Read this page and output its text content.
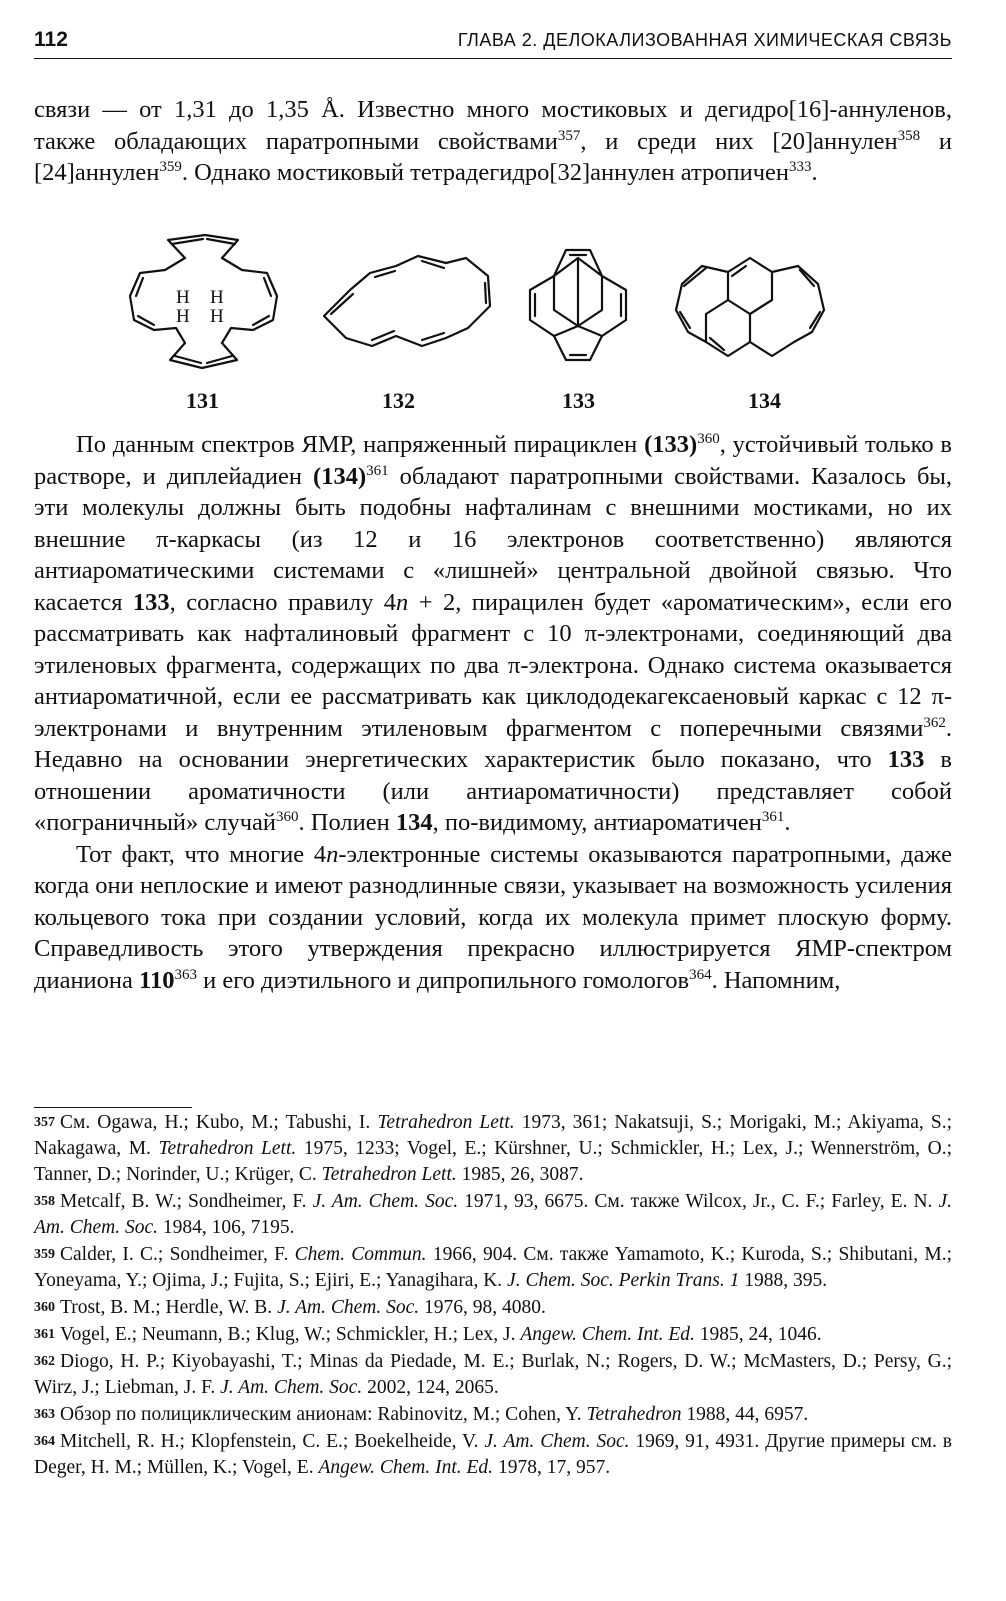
112	ГЛАВА 2. ДЕЛОКАЛИЗОВАННАЯ ХИМИЧЕСКАЯ СВЯЗЬ

связи — от 1,31 до 1,35 Å. Известно много мостиковых и дегидро[16]-аннуленов, также обладающих паратропными свойствами$^{357}$, и среди них [20]аннулен$^{358}$ и [24]аннулен$^{359}$. Однако мостиковый тетрадегидро[32]аннулен атропичен$^{333}$.

H H
H H
131	132	133	134

По данным спектров ЯМР, напряженный пирациклен $(133)^{360}$, устойчивый только в растворе, и диплейадиен $(134)^{361}$ обладают паратропными свойствами. Казалось бы, эти молекулы должны быть подобны нафталинам с внешними мостиками, но их внешние π-каркасы (из 12 и 16 электронов соответственно) являются антиароматическими системами с «лишней» центральной двойной связью. Что касается 133, согласно правилу 4n + 2, пирацилен будет «ароматическим», если его рассматривать как нафталиновый фрагмент с 10 π-электронами, соединяющий два этиленовых фрагмента, содержащих по два π-электрона. Однако система оказывается антиароматичной, если ее рассматривать как циклододекагексаеновый каркас с 12 π-электронами и внутренним этиленовым фрагментом с поперечными связями$^{362}$. Недавно на основании энергетических характеристик было показано, что 133 в отношении ароматичности (или антиароматичности) представляет собой «пограничный» случай$^{360}$. Полиен 134, по-видимому, антиароматичен$^{361}$.

Тот факт, что многие 4n-электронные системы оказываются паратропными, даже когда они неплоские и имеют разнодлинные связи, указывает на возможность усиления кольцевого тока при создании условий, когда их молекула примет плоскую форму. Справедливость этого утверждения прекрасно иллюстрируется ЯМР-спектром дианиона $110^{363}$ и его диэтильного и дипропильного гомологов$^{364}$. Напомним,

357 См. Ogawa, H.; Kubo, M.; Tabushi, I. Tetrahedron Lett. 1973, 361; Nakatsuji, S.; Morigaki, M.; Akiyama, S.; Nakagawa, M. Tetrahedron Lett. 1975, 1233; Vogel, E.; Kürshner, U.; Schmickler, H.; Lex, J.; Wennerström, O.; Tanner, D.; Norinder, U.; Krüger, C. Tetrahedron Lett. 1985, 26, 3087.

358 Metcalf, B. W.; Sondheimer, F. J. Am. Chem. Soc. 1971, 93, 6675. См. также Wilcox, Jr., C. F.; Farley, E. N. J. Am. Chem. Soc. 1984, 106, 7195.

359 Calder, I. C.; Sondheimer, F. Chem. Commun. 1966, 904. См. также Yamamoto, K.; Kuroda, S.; Shibutani, M.; Yoneyama, Y.; Ojima, J.; Fujita, S.; Ejiri, E.; Yanagihara, K. J. Chem. Soc. Perkin Trans. 1 1988, 395.

360 Trost, B. M.; Herdle, W. B. J. Am. Chem. Soc. 1976, 98, 4080.

361 Vogel, E.; Neumann, B.; Klug, W.; Schmickler, H.; Lex, J. Angew. Chem. Int. Ed. 1985, 24, 1046.

362 Diogo, H. P.; Kiyobayashi, T.; Minas da Piedade, M. E.; Burlak, N.; Rogers, D. W.; McMasters, D.; Persy, G.; Wirz, J.; Liebman, J. F. J. Am. Chem. Soc. 2002, 124, 2065.

363 Обзор по полициклическим анионам: Rabinovitz, M.; Cohen, Y. Tetrahedron 1988, 44, 6957.

364 Mitchell, R. H.; Klopfenstein, C. E.; Boekelheide, V. J. Am. Chem. Soc. 1969, 91, 4931. Другие примеры см. в Deger, H. M.; Müllen, K.; Vogel, E. Angew. Chem. Int. Ed. 1978, 17, 957.
